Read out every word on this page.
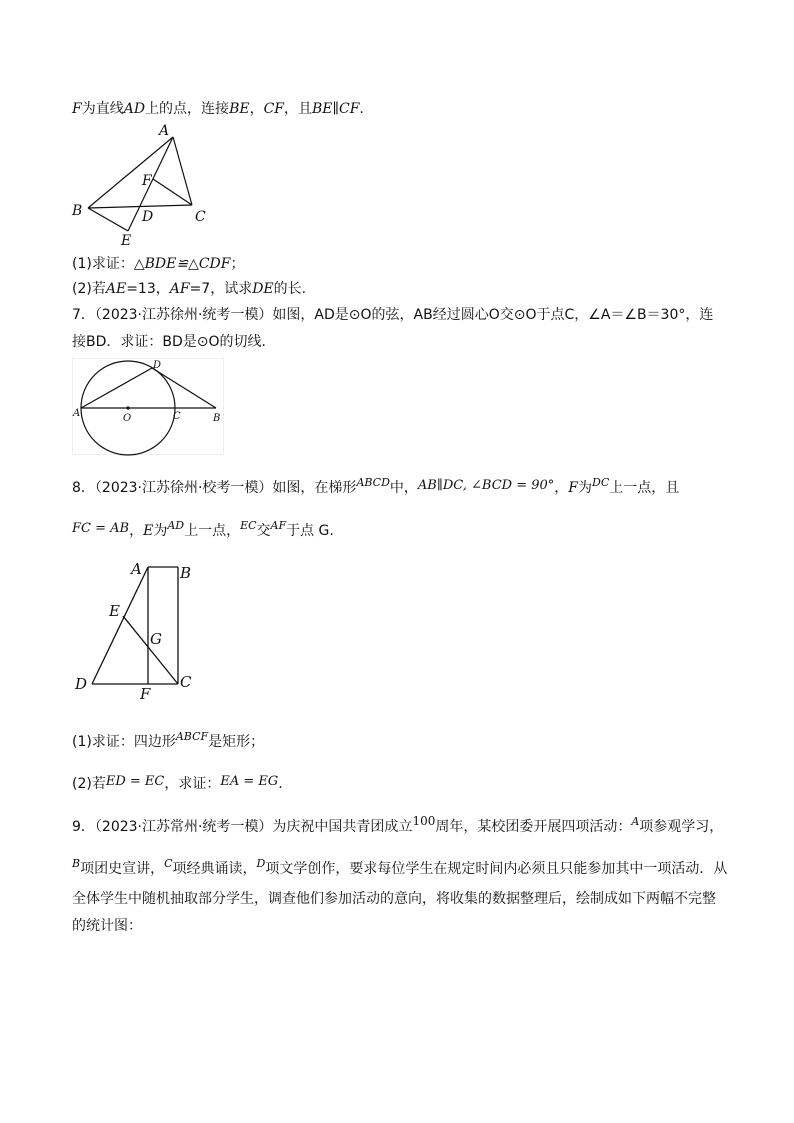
F为直线AD上的点，连接BE，CF，且BE∥CF.
A
B	C
D
E
F
(1)求证：△BDE≌△CDF；
(2)若AE=13，AF=7，试求DE的长.
7．（2023·江苏徐州·统考一模）如图，AD是⊙O的弦，AB经过圆心O交⊙O于点C，∠A＝∠B＝30°，连
接BD．求证：BD是⊙O的切线．
A	O	C	B
D
8．（2023·江苏徐州·校考一模）如图，在梯形$^{ABCD}$中，AB∥DC, ∠BCD = 90°，F为$^{DC}$上一点，且
FC = AB，E为$^{AD}$上一点，$^{EC}$交$^{AF}$于点 G.
A	B
E
G
D
F
C
(1)求证：四边形$^{ABCF}$是矩形；
(2)若ED = EC，求证：EA = EG.
9．（2023·江苏常州·统考一模）为庆祝中国共青团成立100周年，某校团委开展四项活动：$^A$项参观学习，
$^B$项团史宣讲，$^C$项经典诵读，$^D$项文学创作，要求每位学生在规定时间内必须且只能参加其中一项活动．从
全体学生中随机抽取部分学生，调查他们参加活动的意向，将收集的数据整理后，绘制成如下两幅不完整
的统计图：
